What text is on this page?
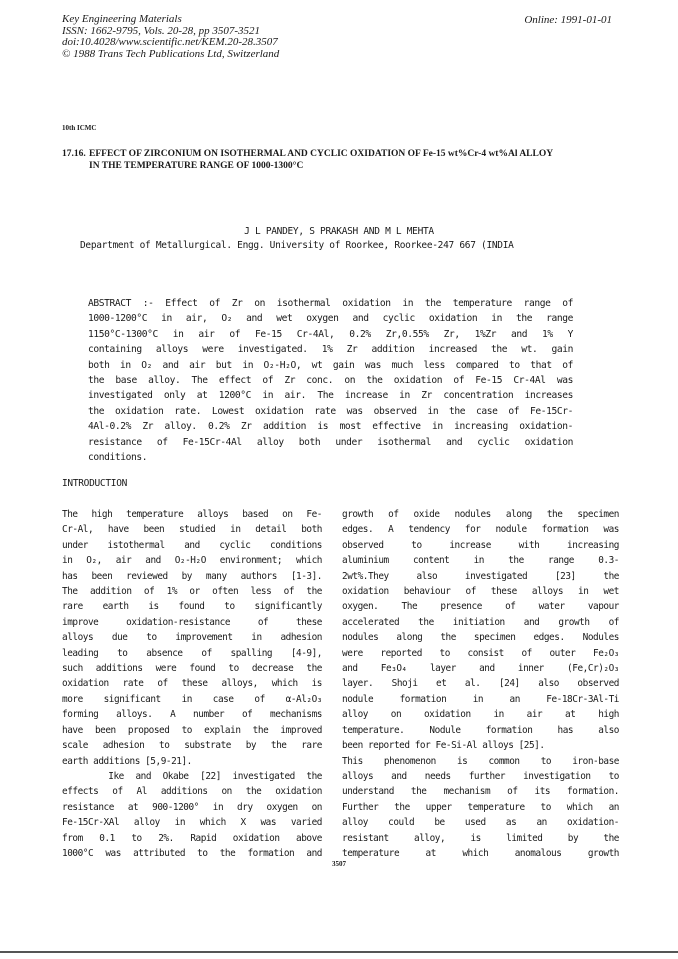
Key Engineering Materials
ISSN: 1662-9795, Vols. 20-28, pp 3507-3521
doi:10.4028/www.scientific.net/KEM.20-28.3507
© 1988 Trans Tech Publications Ltd, Switzerland
Online: 1991-01-01
10th ICMC
17.16. EFFECT OF ZIRCONIUM ON ISOTHERMAL AND CYCLIC OXIDATION OF Fe-15 wt%Cr-4 wt%Al ALLOY
IN THE TEMPERATURE RANGE OF 1000-1300°C
J L PANDEY, S PRAKASH AND M L MEHTA
Department of Metallurgical. Engg. University of Roorkee, Roorkee-247 667 (INDIA
ABSTRACT :- Effect of Zr on isothermal oxidation in the temperature range of
1000-1200°C in air, O₂ and wet oxygen and cyclic oxidation in the range
1150°C-1300°C in air of Fe-15 Cr-4Al, 0.2% Zr,0.55% Zr, 1%Zr and 1% Y
containing alloys were investigated. 1% Zr addition increased the wt. gain
both in O₂ and air but in O₂-H₂O, wt gain was much less compared to that of
the base alloy. The effect of Zr conc. on the oxidation of Fe-15 Cr-4Al was
investigated only at 1200°C in air. The increase in Zr concentration increases
the oxidation rate. Lowest oxidation rate was observed in the case of Fe-15Cr-
4Al-0.2% Zr alloy. 0.2% Zr addition is most effective in increasing oxidation-
resistance of Fe-15Cr-4Al alloy both under isothermal and cyclic oxidation
conditions.
INTRODUCTION
The high temperature alloys based on Fe-
Cr-Al, have been studied in detail both
under istothermal and cyclic conditions
in O₂, air and O₂-H₂O environment; which
has been reviewed by many authors [1-3].
The addition of 1% or often less of the
rare earth is found to significantly
improve oxidation-resistance of these
alloys due to improvement in adhesion
leading to absence of spalling [4-9],
such additions were found to decrease the
oxidation rate of these alloys, which is
more significant in case of α-Al₂O₃
forming alloys. A number of mechanisms
have been proposed to explain the improved
scale adhesion to substrate by the rare
earth additions [5,9-21].
Ike and Okabe [22] investigated the
effects of Al additions on the oxidation
resistance at 900-1200° in dry oxygen on
Fe-15Cr-XAl alloy in which X was varied
from 0.1 to 2%. Rapid oxidation above
1000°C was attributed to the formation and
growth of oxide nodules along the specimen
edges. A tendency for nodule formation was
observed to increase with increasing
aluminium content in the range 0.3-
2wt%.They also investigated [23] the
oxidation behaviour of these alloys in wet
oxygen. The presence of water vapour
accelerated the initiation and growth of
nodules along the specimen edges. Nodules
were reported to consist of outer Fe₂O₃
and Fe₃O₄ layer and inner (Fe,Cr)₂O₃
layer. Shoji et al. [24] also observed
nodule formation in an Fe-18Cr-3Al-Ti
alloy on oxidation in air at high
temperature. Nodule formation has also
been reported for Fe-Si-Al alloys [25].
This phenomenon is common to iron-base
alloys and needs further investigation to
understand the mechanism of its formation.
Further the upper temperature to which an
alloy could be used as an oxidation-
resistant alloy, is limited by the
temperature at which anomalous growth
3507
